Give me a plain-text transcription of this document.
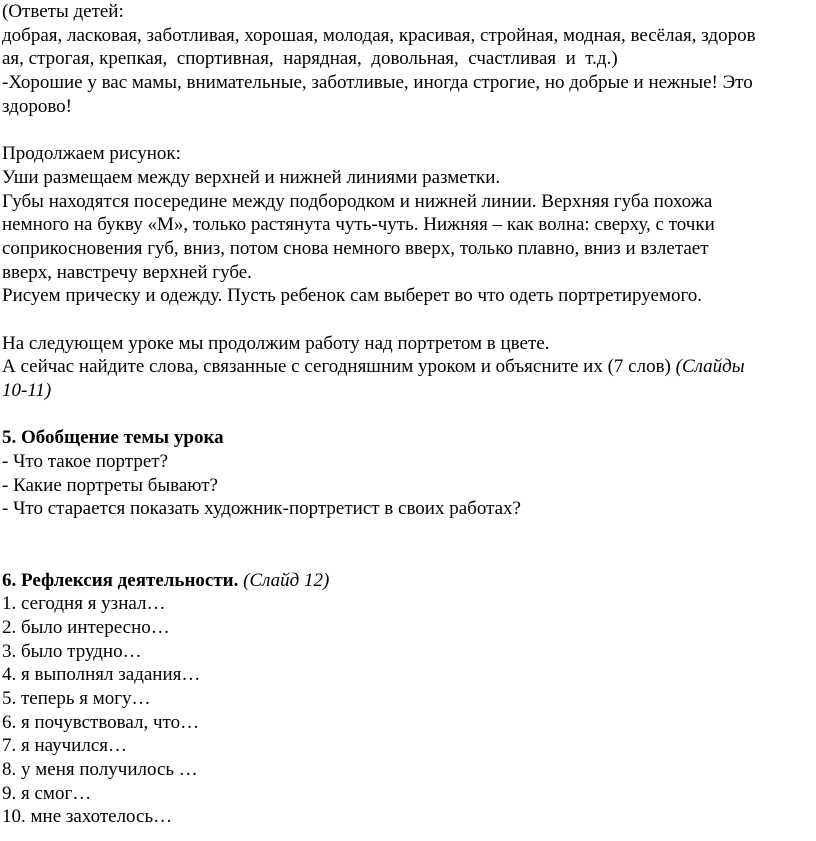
(Ответы детей:
добрая, ласковая, заботливая, хорошая, молодая, красивая, стройная, модная, весёлая, здоров
ая, строгая, крепкая,  спортивная,  нарядная,  довольная,  счастливая  и  т.д.)
-Хорошие у вас мамы, внимательные, заботливые, иногда строгие, но добрые и нежные! Это
здорово!
Продолжаем рисунок:
Уши размещаем между верхней и нижней линиями разметки.
Губы находятся посередине между подбородком и нижней линии. Верхняя губа похожа
немного на букву «М», только растянута чуть-чуть. Нижняя – как волна: сверху, с точки
соприкосновения губ, вниз, потом снова немного вверх, только плавно, вниз и взлетает
вверх, навстречу верхней губе.
Рисуем прическу и одежду. Пусть ребенок сам выберет во что одеть портретируемого.
На следующем уроке мы продолжим работу над портретом в цвете.
А сейчас найдите слова, связанные с сегодняшним уроком и объясните их (7 слов) (Слайды
10-11)
5. Обобщение темы урока
- Что такое портрет?
- Какие портреты бывают?
- Что старается показать художник-портретист в своих работах?
6. Рефлексия деятельности. (Слайд 12)
1. сегодня я узнал…
2. было интересно…
3. было трудно…
4. я выполнял задания…
5. теперь я могу…
6. я почувствовал, что…
7. я научился…
8. у меня получилось …
9. я смог…
10. мне захотелось…
